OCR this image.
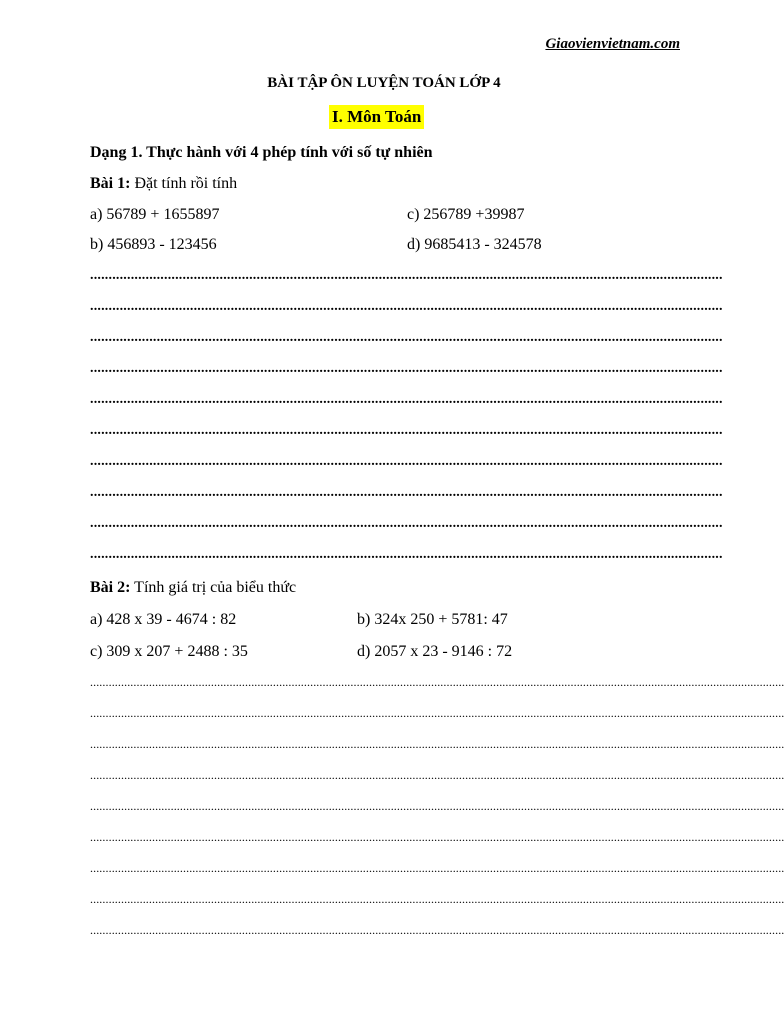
Giaovienvietnam.com
BÀI TẬP ÔN LUYỆN TOÁN LỚP 4
I. Môn Toán
Dạng 1. Thực hành với 4 phép tính với số tự nhiên
Bài 1: Đặt tính rồi tính
a) 56789 + 1655897	c) 256789 +39987
b) 456893 - 123456	d) 9685413 - 324578
...........................................................................................................................................................................
...........................................................................................................................................................................
...........................................................................................................................................................................
...........................................................................................................................................................................
...........................................................................................................................................................................
...........................................................................................................................................................................
...........................................................................................................................................................................
...........................................................................................................................................................................
...........................................................................................................................................................................
...........................................................................................................................................................................
Bài 2: Tính giá trị của biểu thức
a) 428 x 39 - 4674 : 82	b) 324x 250 + 5781: 47
c) 309 x 207 + 2488 : 35	d) 2057 x 23 - 9146 : 72
................................................................................................................................................................................................................................
................................................................................................................................................................................................................................
................................................................................................................................................................................................................................
................................................................................................................................................................................................................................
................................................................................................................................................................................................................................
................................................................................................................................................................................................................................
................................................................................................................................................................................................................................
................................................................................................................................................................................................................................
................................................................................................................................................................................................................................
